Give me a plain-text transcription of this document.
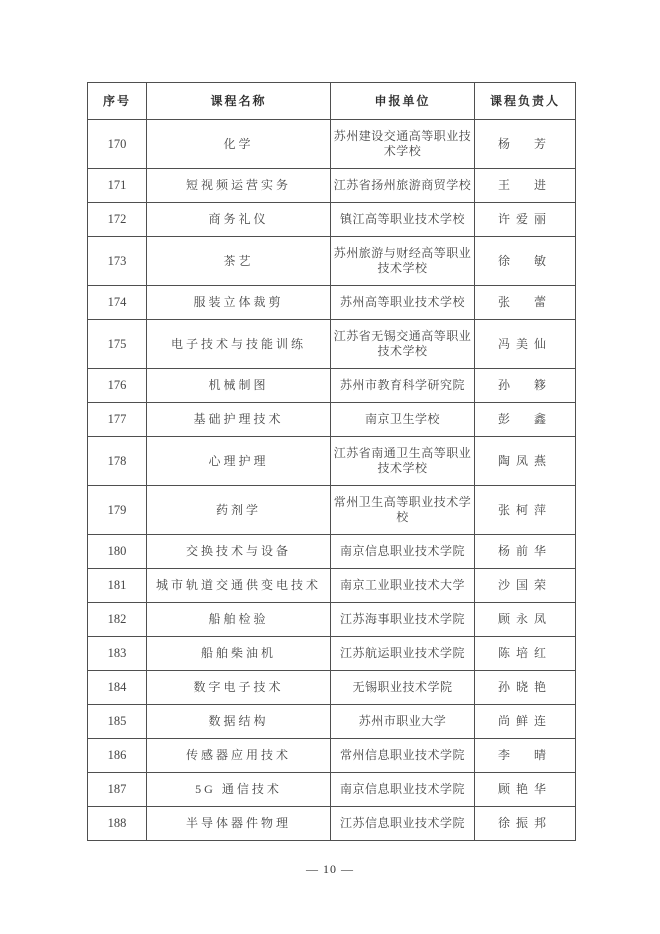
序号	课程名称	申报单位	课程负责人
170	化学	苏州建设交通高等职业技术学校	杨　芳
171	短视频运营实务	江苏省扬州旅游商贸学校	王　进
172	商务礼仪	镇江高等职业技术学校	许爱丽
173	茶艺	苏州旅游与财经高等职业技术学校	徐　敏
174	服装立体裁剪	苏州高等职业技术学校	张　蕾
175	电子技术与技能训练	江苏省无锡交通高等职业技术学校	冯美仙
176	机械制图	苏州市教育科学研究院	孙　簃
177	基础护理技术	南京卫生学校	彭　鑫
178	心理护理	江苏省南通卫生高等职业技术学校	陶凤燕
179	药剂学	常州卫生高等职业技术学校	张柯萍
180	交换技术与设备	南京信息职业技术学院	杨前华
181	城市轨道交通供变电技术	南京工业职业技术大学	沙国荣
182	船舶检验	江苏海事职业技术学院	顾永凤
183	船舶柴油机	江苏航运职业技术学院	陈培红
184	数字电子技术	无锡职业技术学院	孙晓艳
185	数据结构	苏州市职业大学	尚鲜连
186	传感器应用技术	常州信息职业技术学院	李　晴
187	5G 通信技术	南京信息职业技术学院	顾艳华
188	半导体器件物理	江苏信息职业技术学院	徐振邦
— 10 —
